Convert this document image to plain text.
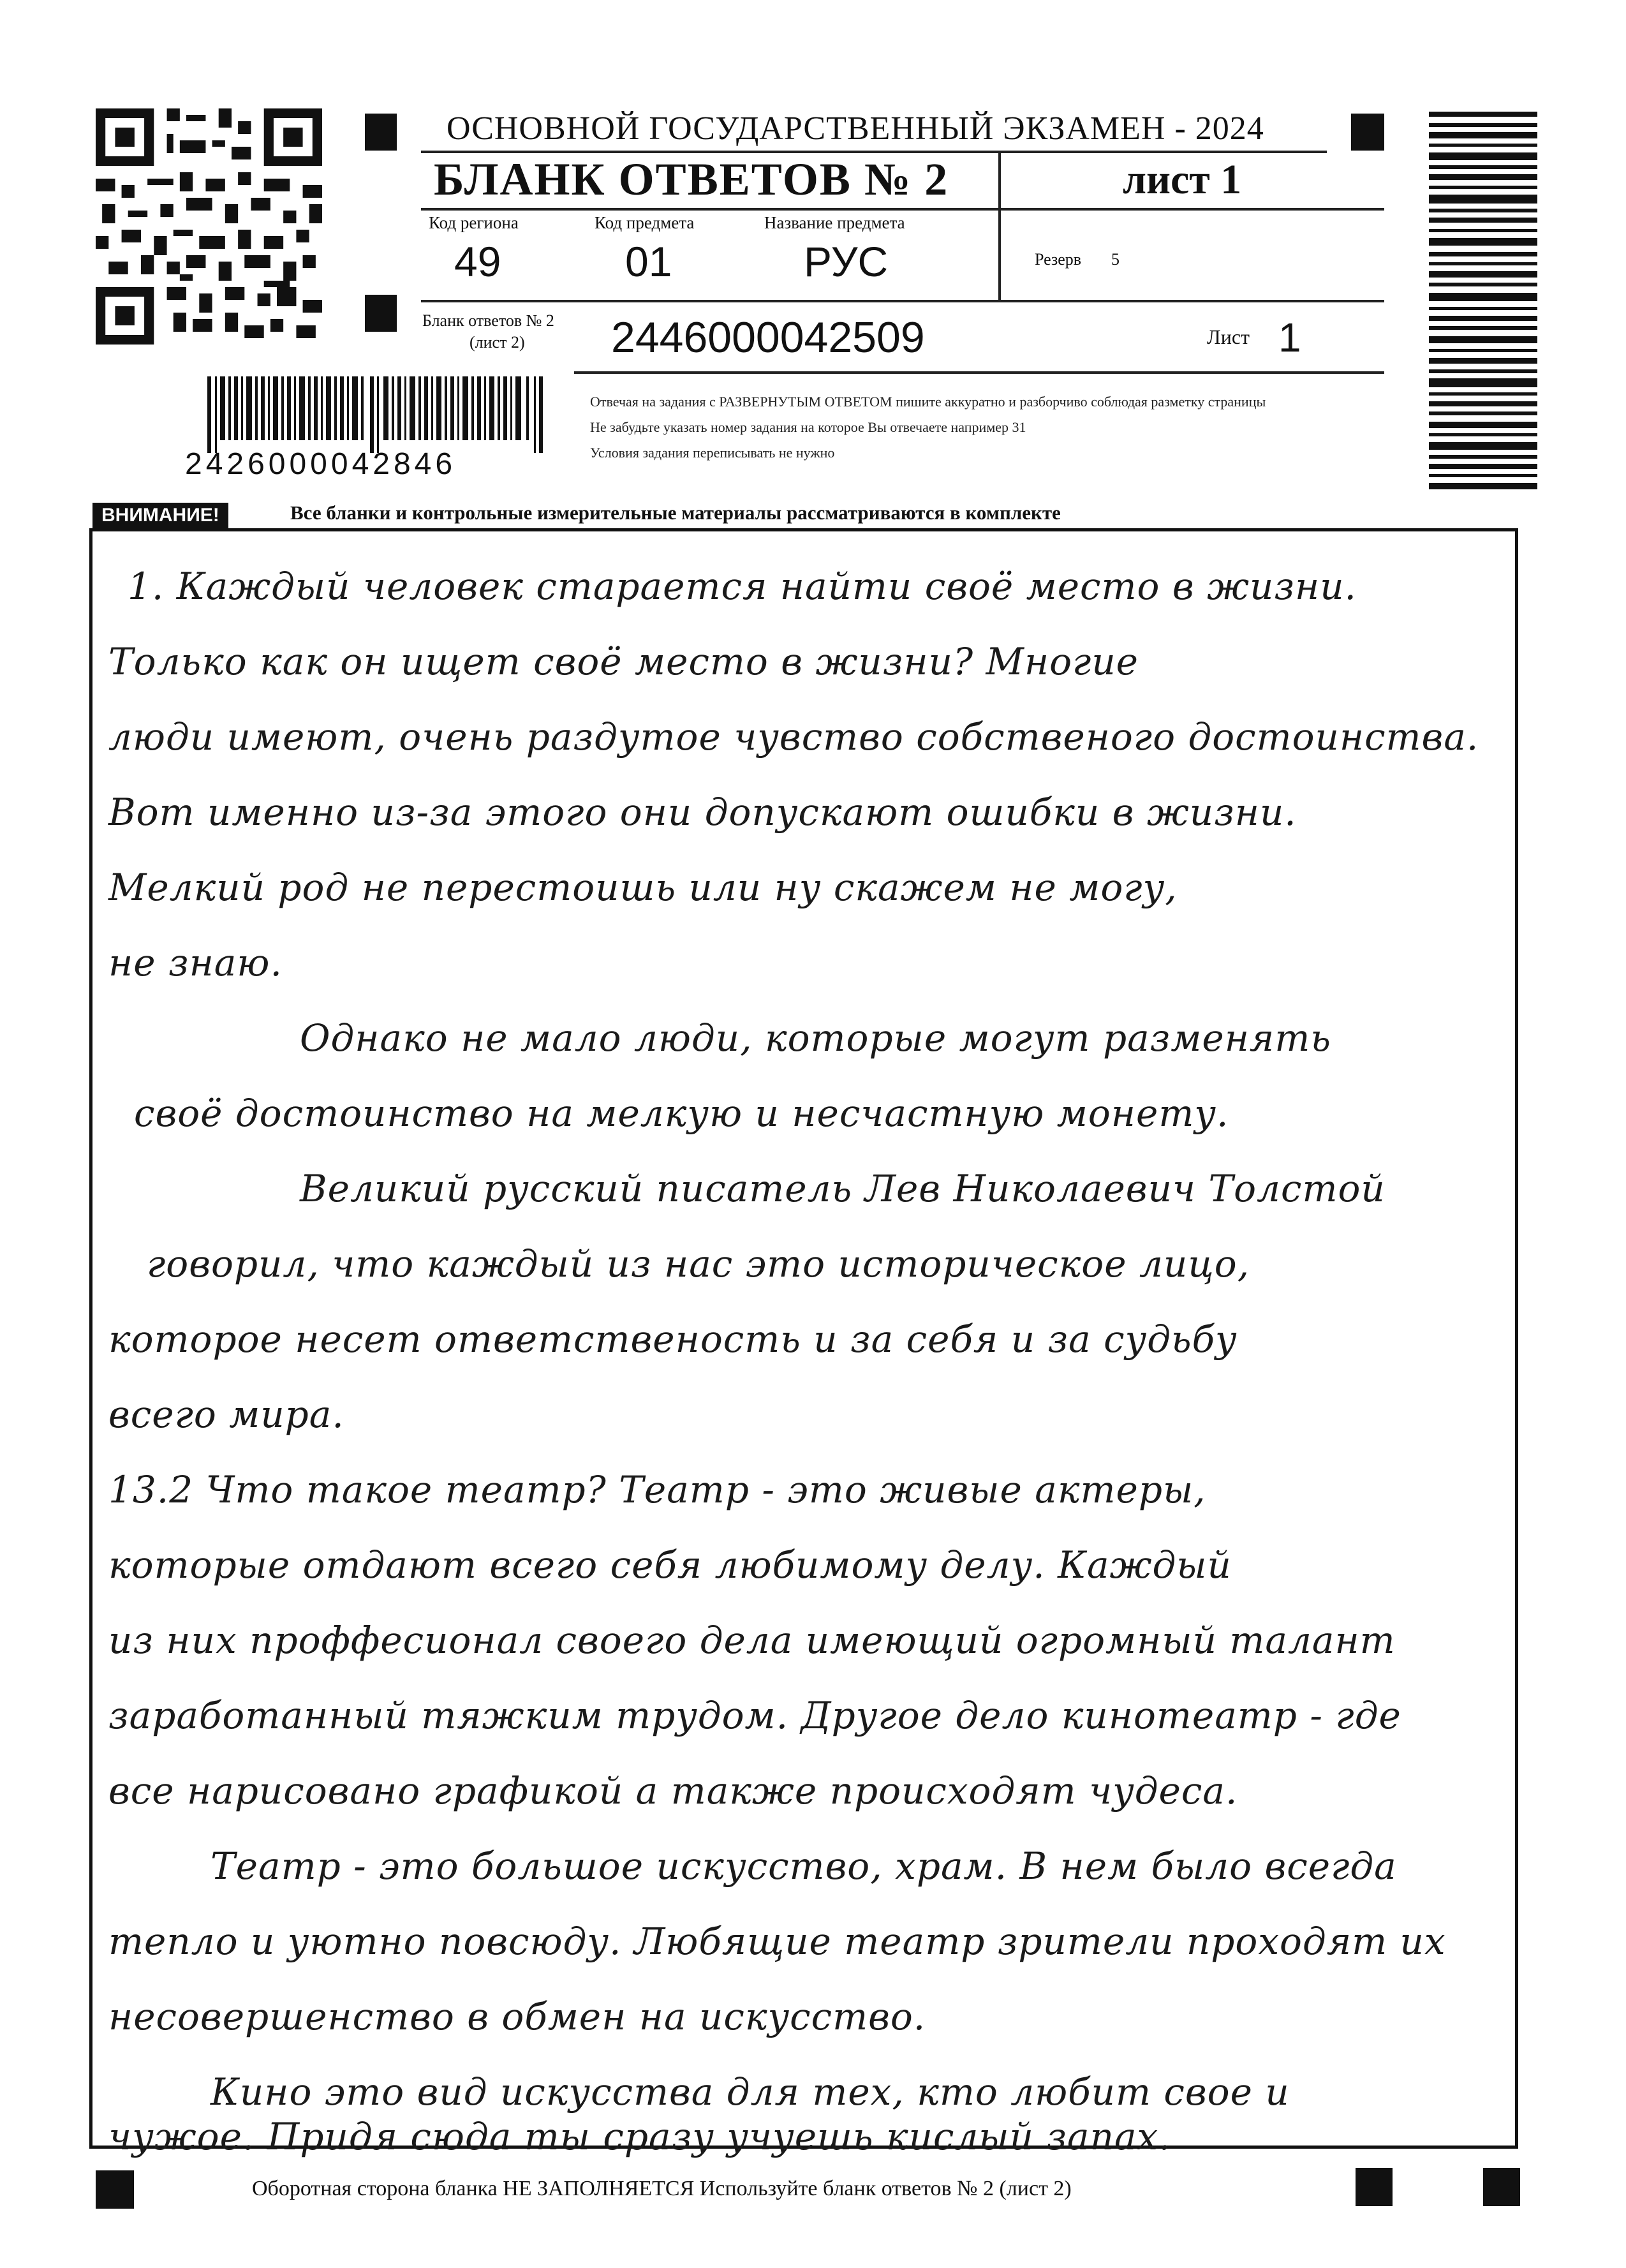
ОСНОВНОЙ ГОСУДАРСТВЕННЫЙ ЭКЗАМЕН - 2024
БЛАНК ОТВЕТОВ № 2	лист 1
Код региона
49
Код предмета
01
Название предмета
РУС	Резерв 5
Бланк ответов № 2
(лист 2) 2446000042509	Лист 1
2426000042846
Отвечая на задания с РАЗВЕРНУТЫМ ОТВЕТОМ пишите аккуратно и разборчиво соблюдая разметку страницы
Не забудьте указать номер задания на которое Вы отвечаете например 31
Условия задания переписывать не нужно
ВНИМАНИЕ!	Все бланки и контрольные измерительные материалы рассматриваются в комплекте
1. Каждый человек старается найти своё место в жизни.
Только как он ищет своё место в жизни? Многие
люди имеют, очень раздутое чувство собственого достоинства.
Вот именно из-за этого они допускают ошибки в жизни.
Мелкий род не перестоишь или ну скажем не могу,
не знаю.
Однако не мало люди, которые могут разменять
своё достоинство на мелкую и несчастную монету.
Великий русский писатель Лев Николаевич Толстой
говорил, что каждый из нас это историческое лицо,
которое несет ответственость и за себя и за судьбу
всего мира.
13.2 Что такое театр? Театр - это живые актеры,
которые отдают всего себя любимому делу. Каждый
из них проффесионал своего дела имеющий огромный талант
заработанный тяжким трудом. Другое дело кинотеатр - где
все нарисовано графикой а также происходят чудеса.
Театр - это большое искусство, храм. В нем было всегда
тепло и уютно повсюду. Любящие театр зрители проходят их
несовершенство в обмен на искусство.
Кино это вид искусства для тех, кто любит свое и
чужое. Придя сюда ты сразу учуешь кислый запах.
Оборотная сторона бланка НЕ ЗАПОЛНЯЕТСЯ Используйте бланк ответов № 2 (лист 2)
